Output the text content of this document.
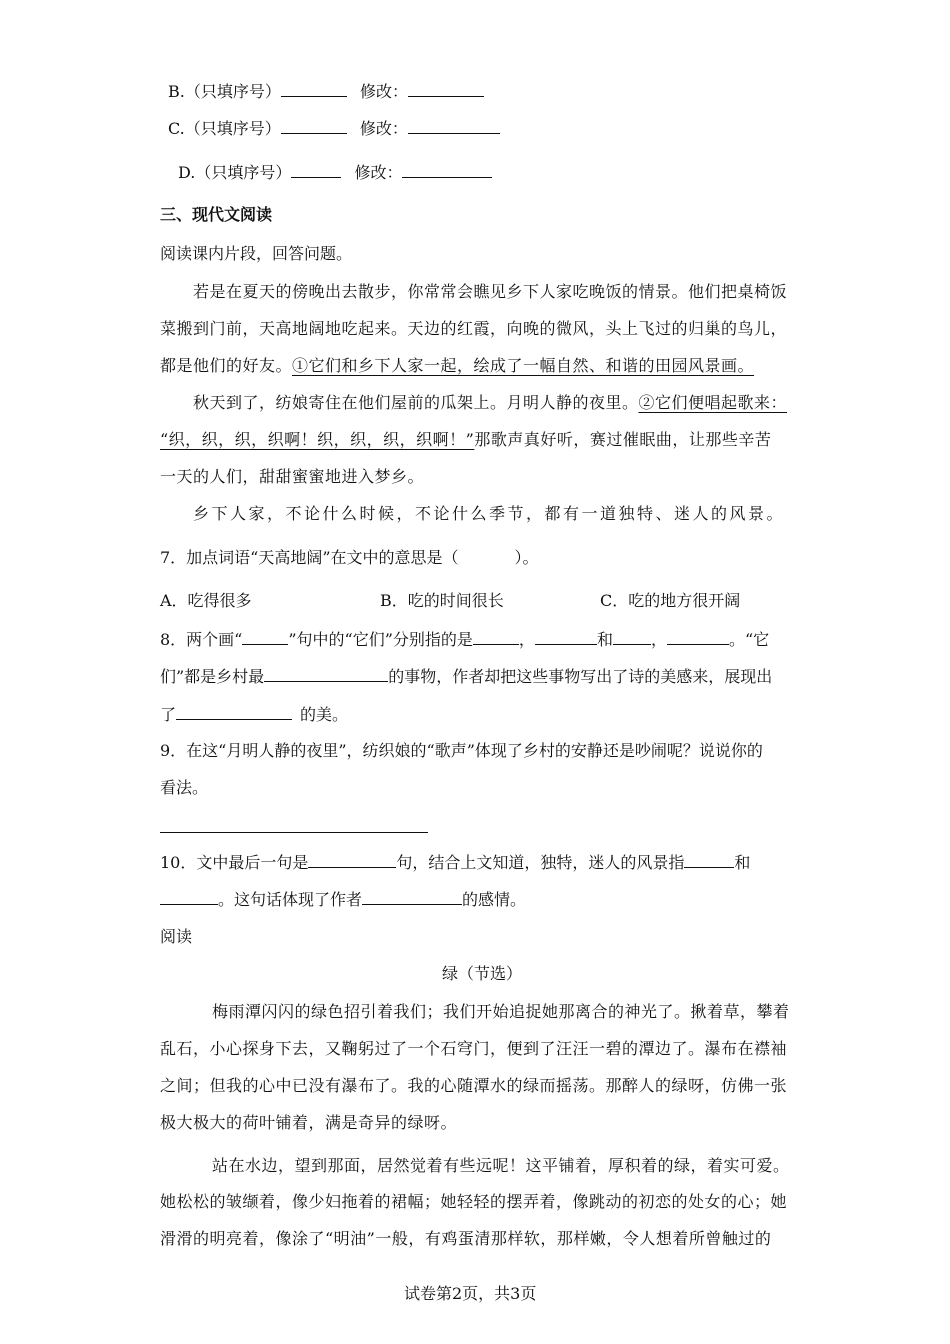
B.（只填序号）	修改：
C.（只填序号）	修改：
D.（只填序号）	修改：
三、现代文阅读
阅读课内片段，回答问题。
若是在夏天的傍晚出去散步，你常常会瞧见乡下人家吃晚饭的情景。他们把桌椅饭
菜搬到门前，天高地阔地吃起来。天边的红霞，向晚的微风，头上飞过的归巢的鸟儿，
都是他们的好友。①它们和乡下人家一起，绘成了一幅自然、和谐的田园风景画。
秋天到了，纺娘寄住在他们屋前的瓜架上。月明人静的夜里。②它们便唱起歌来：
“织，织，织，织啊！织，织，织，织啊！”那歌声真好听，赛过催眠曲，让那些辛苦
一天的人们，甜甜蜜蜜地进入梦乡。
乡下人家，不论什么时候，不论什么季节，都有一道独特、迷人的风景。
7．加点词语“天高地阔”在文中的意思是（	）。
A．吃得很多	B．吃的时间很长	C．吃的地方很开阔
8．两个画“	”句中的“它们”分别指的是	，	和 ，	。“它
们”都是乡村最	的事物，作者却把这些事物写出了诗的美感来，展现出
了	的美。
9．在这“月明人静的夜里”，纺织娘的“歌声”体现了乡村的安静还是吵闹呢？说说你的
看法。
10．文中最后一句是	句，结合上文知道，独特，迷人的风景指	和
。这句话体现了作者	的感情。
阅读
绿（节选）
梅雨潭闪闪的绿色招引着我们；我们开始追捉她那离合的神光了。揪着草，攀着
乱石，小心探身下去，又鞠躬过了一个石穹门，便到了汪汪一碧的潭边了。瀑布在襟袖
之间；但我的心中已没有瀑布了。我的心随潭水的绿而摇荡。那醉人的绿呀，仿佛一张
极大极大的荷叶铺着，满是奇异的绿呀。
站在水边，望到那面，居然觉着有些远呢！这平铺着，厚积着的绿，着实可爱。
她松松的皱缬着，像少妇拖着的裙幅；她轻轻的摆弄着，像跳动的初恋的处女的心；她
滑滑的明亮着，像涂了“明油”一般，有鸡蛋清那样软，那样嫩，令人想着所曾触过的
试卷第2页，共3页
